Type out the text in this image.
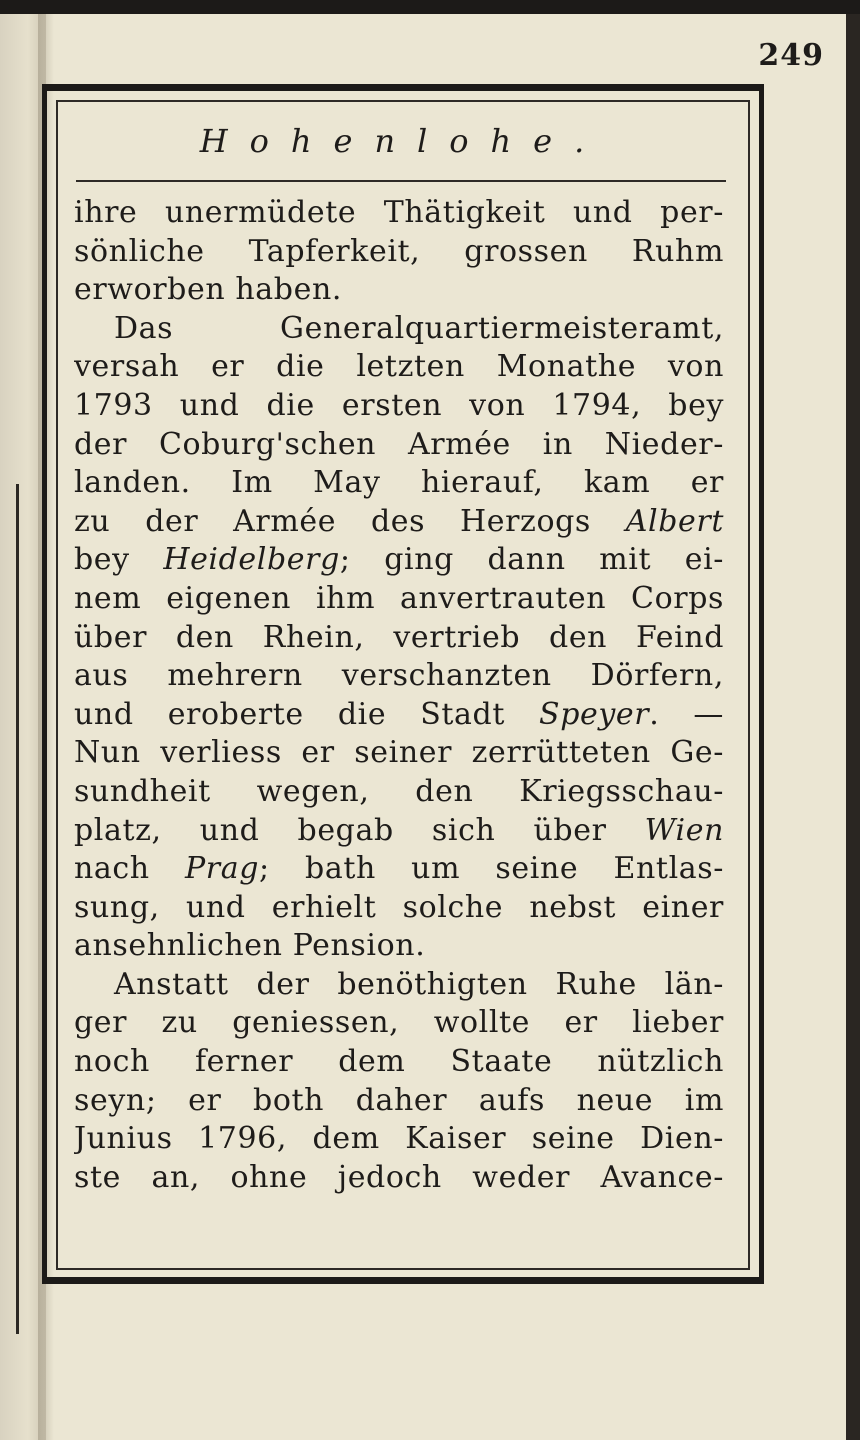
249
Hohenlohe.
ihre unermüdete Thätigkeit und per-
sönliche Tapferkeit, grossen Ruhm
erworben haben.
Das Generalquartiermeisteramt,
versah er die letzten Monathe von
1793 und die ersten von 1794, bey
der Coburg'schen Armée in Nieder-
landen. Im May hierauf, kam er
zu der Armée des Herzogs Albert
bey Heidelberg; ging dann mit ei-
nem eigenen ihm anvertrauten Corps
über den Rhein, vertrieb den Feind
aus mehrern verschanzten Dörfern,
und eroberte die Stadt Speyer. —
Nun verliess er seiner zerrütteten Ge-
sundheit wegen, den Kriegsschau-
platz, und begab sich über Wien
nach Prag; bath um seine Entlas-
sung, und erhielt solche nebst einer
ansehnlichen Pension.
Anstatt der benöthigten Ruhe län-
ger zu geniessen, wollte er lieber
noch ferner dem Staate nützlich
seyn; er both daher aufs neue im
Junius 1796, dem Kaiser seine Dien-
ste an, ohne jedoch weder Avance-
